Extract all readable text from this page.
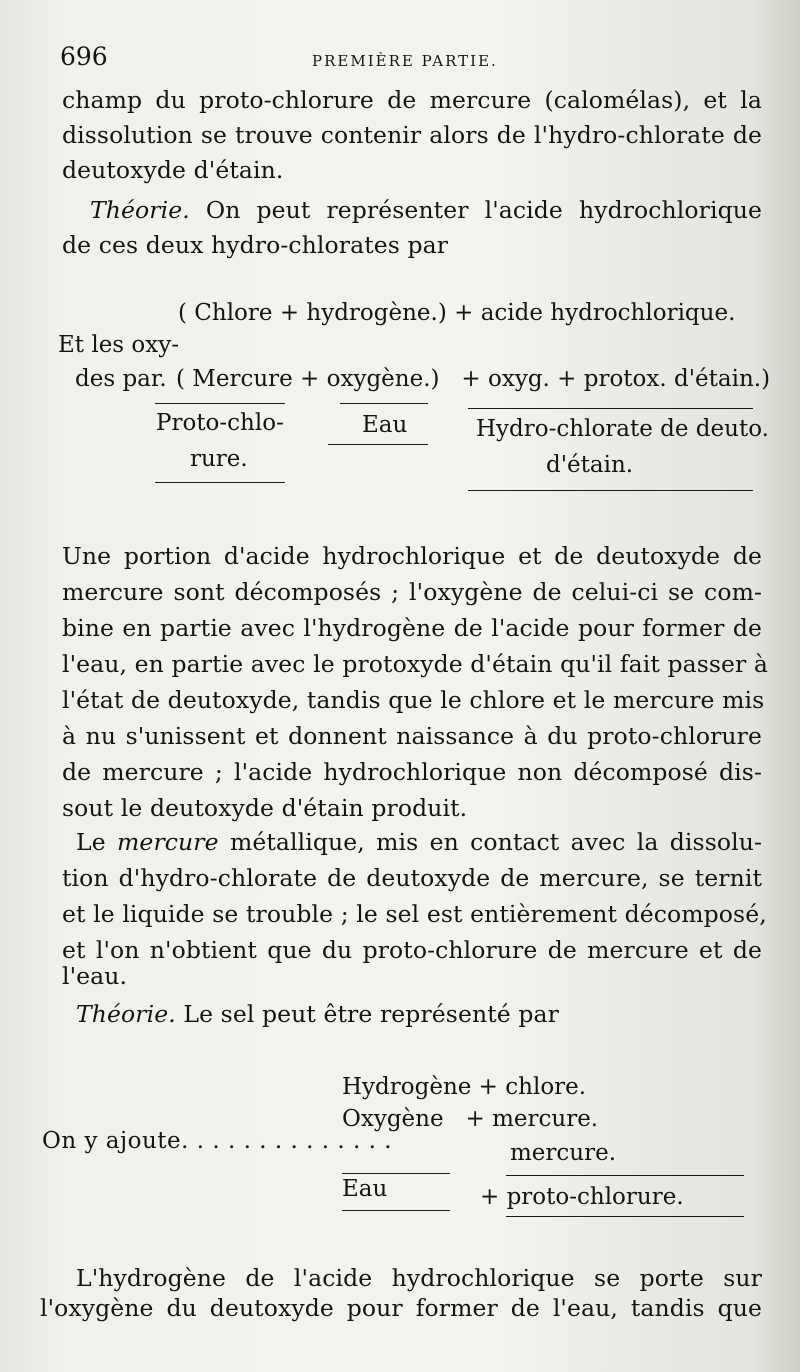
696	PREMIÈRE PARTIE.
champ du proto-chlorure de mercure (calomélas), et la
dissolution se trouve contenir alors de l'hydro-chlorate de
deutoxyde d'étain.
Théorie. On peut représenter l'acide hydrochlorique
de ces deux hydro-chlorates par
( Chlore + hydrogène.) + acide hydrochlorique.
Et les oxy-
des par. ( Mercure + oxygène.)   + oxyg. + protox. d'étain.)
Proto-chlo-
rure.
Eau	Hydro-chlorate de deuto.
d'étain.
Une portion d'acide hydrochlorique et de deutoxyde de
mercure sont décomposés ; l'oxygène de celui-ci se com-
bine en partie avec l'hydrogène de l'acide pour former de
l'eau, en partie avec le protoxyde d'étain qu'il fait passer à
l'état de deutoxyde, tandis que le chlore et le mercure mis
à nu s'unissent et donnent naissance à du proto-chlorure
de mercure ; l'acide hydrochlorique non décomposé dis-
sout le deutoxyde d'étain produit.
Le mercure métallique, mis en contact avec la dissolu-
tion d'hydro-chlorate de deutoxyde de mercure, se ternit
et le liquide se trouble ; le sel est entièrement décomposé,
et l'on n'obtient que du proto-chlorure de mercure et de
l'eau.
Théorie. Le sel peut être représenté par
Hydrogène + chlore.
Oxygène   + mercure.
On y ajoute. . . . . . . . . . . . . .	mercure.
Eau	+ proto-chlorure.
L'hydrogène de l'acide hydrochlorique se porte sur
l'oxygène du deutoxyde pour former de l'eau, tandis que
